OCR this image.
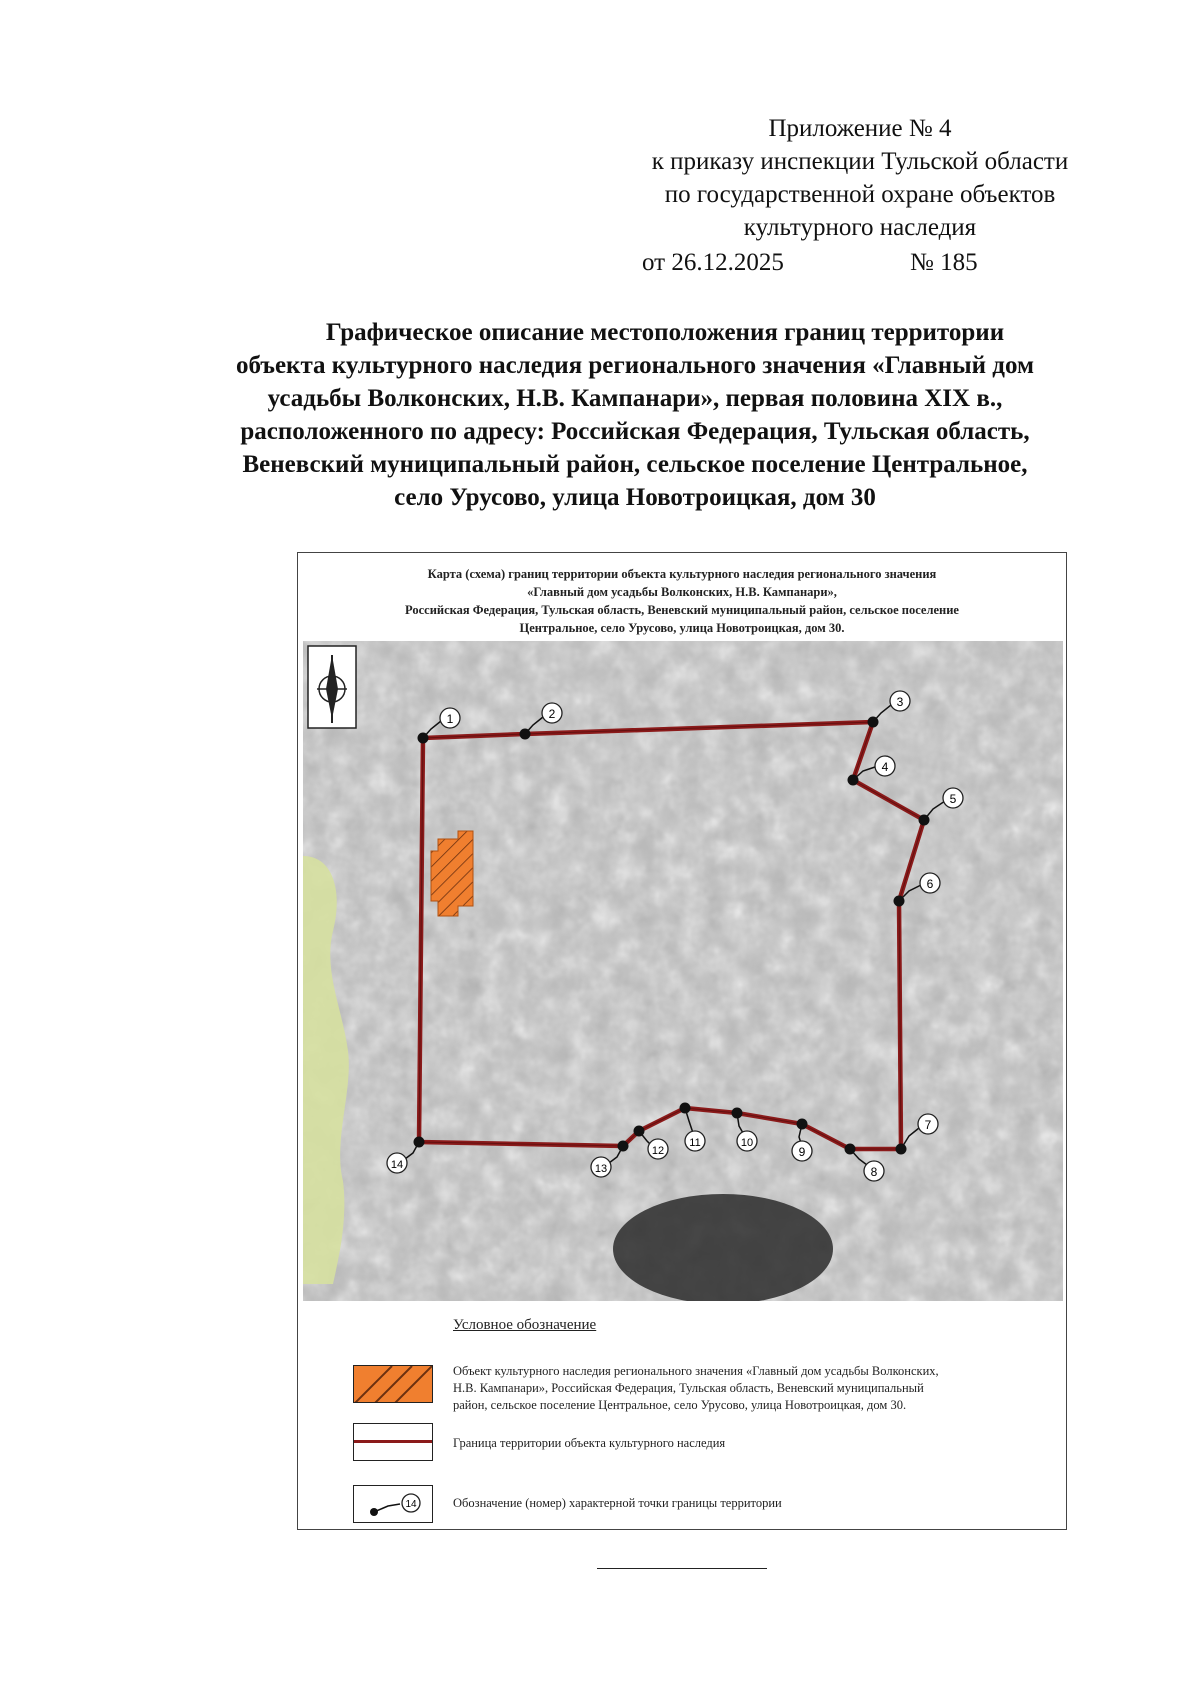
Приложение № 4
к приказу инспекции Тульской области
по государственной охране объектов
культурного наследия
от 26.12.2025	№ 185
Графическое описание местоположения границ территории
объекта культурного наследия регионального значения «Главный дом
усадьбы Волконских, Н.В. Кампанари», первая половина XIX в.,
расположенного по адресу: Российская Федерация, Тульская область,
Веневский муниципальный район, сельское поселение Центральное,
село Урусово, улица Новотроицкая, дом 30
Карта (схема) границ территории объекта культурного наследия регионального значения
«Главный дом усадьбы Волконских, Н.В. Кампанари»,
Российская Федерация, Тульская область, Веневский муниципальный район, сельское поселение
Центральное, село Урусово, улица Новотроицкая, дом 30.
1	2
3
4
5
6
7
8
9
10
11
12
13
14
Условное обозначение
Объект культурного наследия регионального значения «Главный дом усадьбы Волконских,
Н.В. Кампанари», Российская Федерация, Тульская область, Веневский муниципальный
район, сельское поселение Центральное, село Урусово, улица Новотроицкая, дом 30.
Граница территории объекта культурного наследия
14	Обозначение (номер) характерной точки границы территории
